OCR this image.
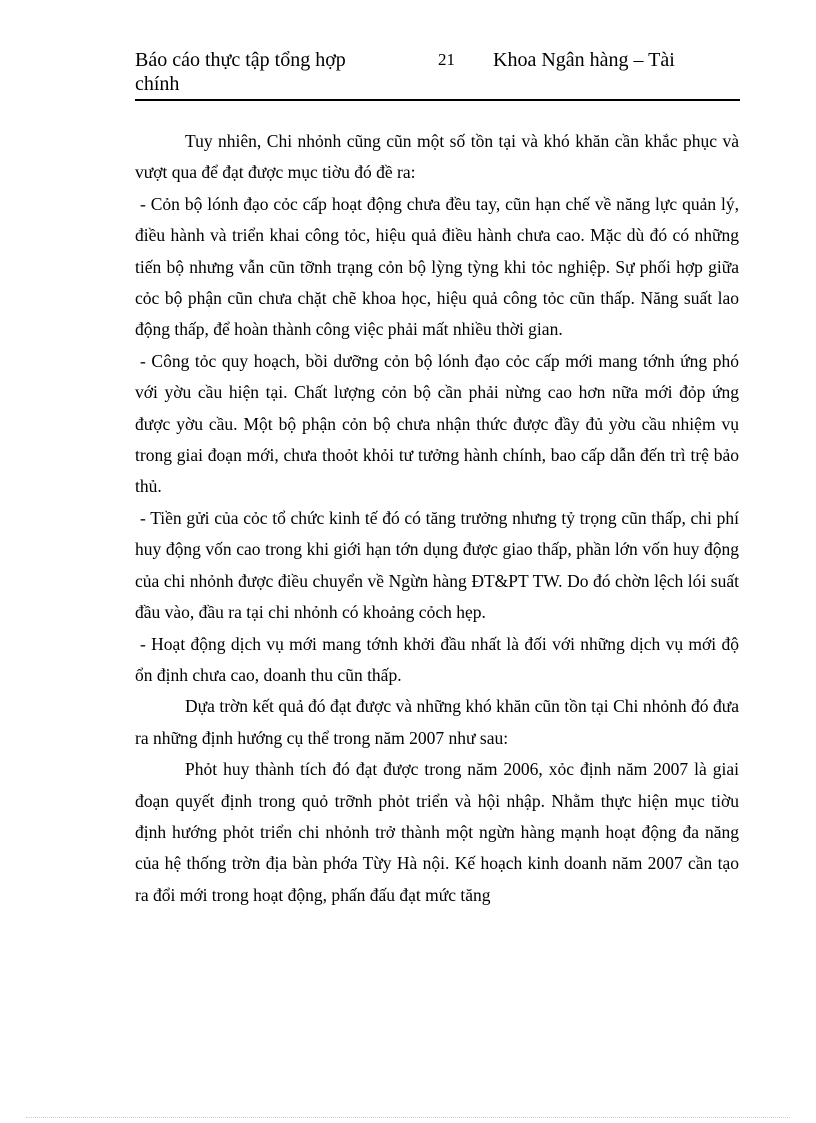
Báo cáo thực tập tổng hợp chính
21 Khoa Ngân hàng – Tài

Tuy nhiên, Chi nhỏnh cũng cũn một số tồn tại và khó khăn cần khắc phục và vượt qua để đạt được mục tiờu đó đề ra:

- Cỏn bộ lónh đạo cỏc cấp hoạt động chưa đều tay, cũn hạn chế về năng lực quản lý, điều hành và triển khai công tỏc, hiệu quả điều hành chưa cao. Mặc dù đó có những tiến bộ nhưng vẫn cũn tỡnh trạng cỏn bộ lỳng tỳng khi tỏc nghiệp. Sự phối hợp giữa cỏc bộ phận cũn chưa chặt chẽ khoa học, hiệu quả công tỏc cũn thấp. Năng suất lao động thấp, để hoàn thành công việc phải mất nhiều thời gian.

- Công tỏc quy hoạch, bồi dưỡng cỏn bộ lónh đạo cỏc cấp mới mang tớnh ứng phó với yờu cầu hiện tại. Chất lượng cỏn bộ cần phải nừng cao hơn nữa mới đỏp ứng được yờu cầu. Một bộ phận cỏn bộ chưa nhận thức được đầy đủ yờu cầu nhiệm vụ trong giai đoạn mới, chưa thoỏt khỏi tư tưởng hành chính, bao cấp dẫn đến trì trệ bảo thủ.

- Tiền gửi của cỏc tổ chức kinh tế đó có tăng trưởng nhưng tỷ trọng cũn thấp, chi phí huy động vốn cao trong khi giới hạn tớn dụng được giao thấp, phần lớn vốn huy động của chi nhỏnh được điều chuyển về Ngừn hàng ĐT&PT TW. Do đó chờn lệch lói suất đầu vào, đầu ra tại chi nhỏnh có khoảng cỏch hẹp.

- Hoạt động dịch vụ mới mang tớnh khởi đầu nhất là đối với những dịch vụ mới độ ổn định chưa cao, doanh thu cũn thấp.

Dựa trờn kết quả đó đạt được và những khó khăn cũn tồn tại Chi nhỏnh đó đưa ra những định hướng cụ thể trong năm 2007 như sau:

Phỏt huy thành tích đó đạt được trong năm 2006, xỏc định năm 2007 là giai đoạn quyết định trong quỏ trỡnh phỏt triển và hội nhập. Nhằm thực hiện mục tiờu định hướng phỏt triển chi nhỏnh trở thành một ngừn hàng mạnh hoạt động đa năng của hệ thống trờn địa bàn phớa Từy Hà nội. Kế hoạch kinh doanh năm 2007 cần tạo ra đổi mới trong hoạt động, phấn đấu đạt mức tăng
